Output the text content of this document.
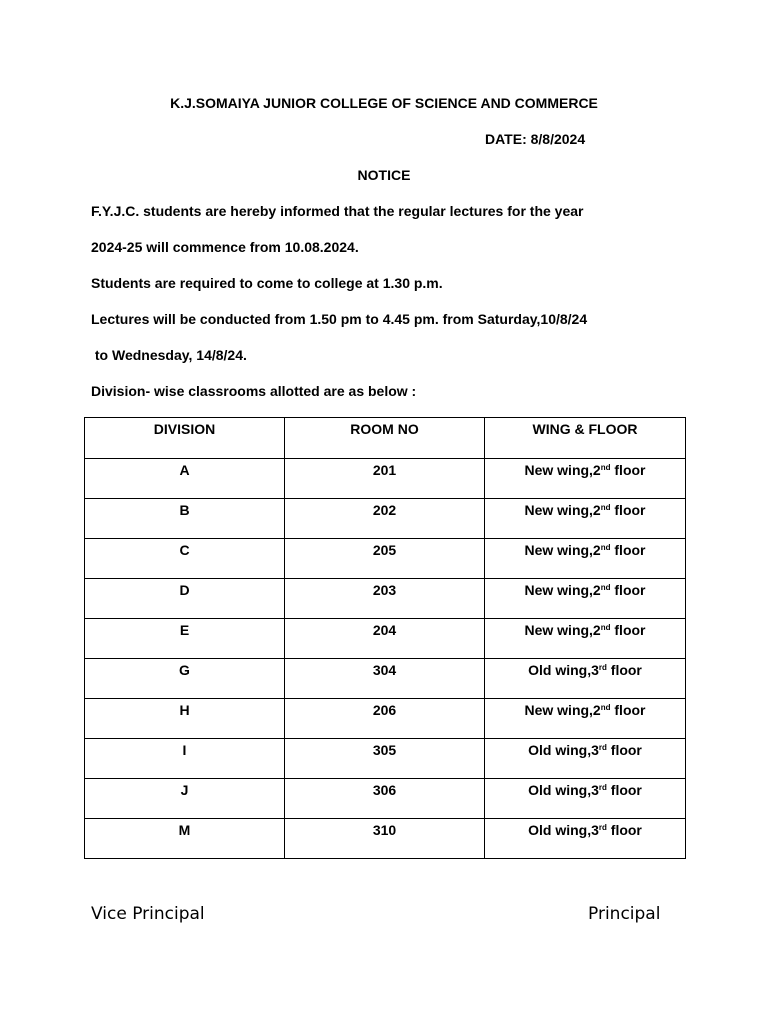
K.J.SOMAIYA JUNIOR COLLEGE OF SCIENCE AND COMMERCE
DATE: 8/8/2024
NOTICE
F.Y.J.C. students are hereby informed that the regular lectures for the year
2024-25 will commence from 10.08.2024.
Students are required to come to college at 1.30 p.m.
Lectures will be conducted from 1.50 pm to 4.45 pm. from Saturday,10/8/24
to Wednesday, 14/8/24.
Division- wise classrooms allotted are as below :
DIVISION	ROOM NO	WING & FLOOR
A	201	New wing,2nd floor
B	202	New wing,2nd floor
C	205	New wing,2nd floor
D	203	New wing,2nd floor
E	204	New wing,2nd floor
G	304	Old wing,3rd floor
H	206	New wing,2nd floor
I	305	Old wing,3rd floor
J	306	Old wing,3rd floor
M	310	Old wing,3rd floor
Vice Principal	Principal
